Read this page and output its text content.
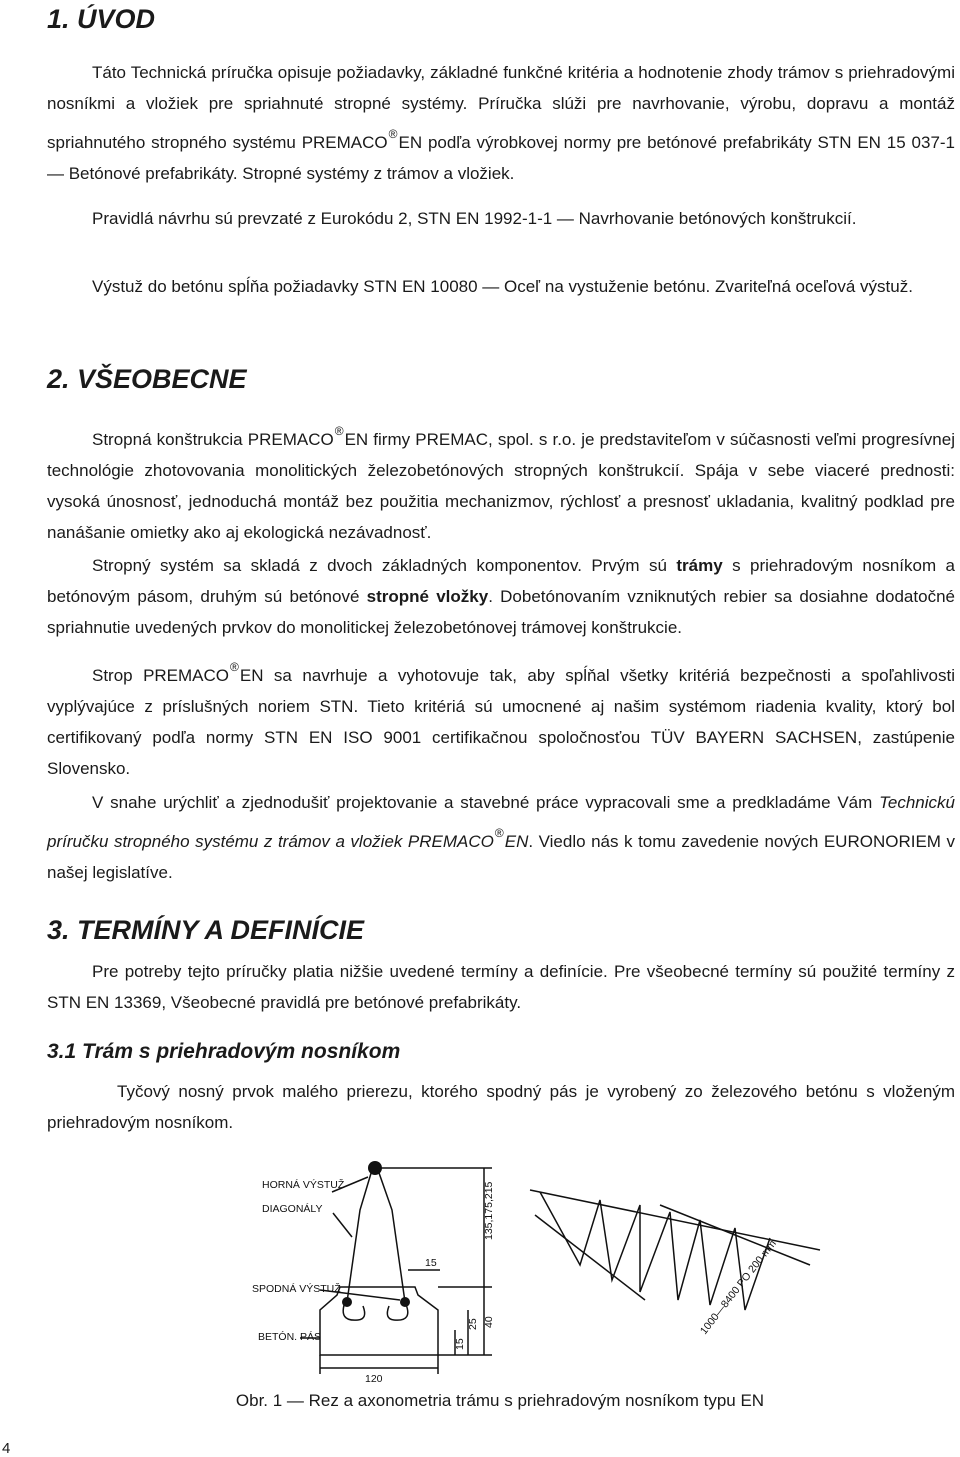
1. ÚVOD

Táto Technická príručka opisuje požiadavky, základné funkčné kritéria a hodnotenie zhody trámov s priehradovými nosníkmi a vložiek pre spriahnuté stropné systémy. Príručka slúži pre navrhovanie, výrobu, dopravu a montáž spriahnutého stropného systému PREMACO®EN podľa výrobkovej normy pre betónové prefabrikáty STN EN 15 037-1 — Betónové prefabrikáty. Stropné systémy z trámov a vložiek.

Pravidlá návrhu sú prevzaté z Eurokódu 2, STN EN 1992-1-1 — Navrhovanie betónových konštrukcií.

Výstuž do betónu spĺňa požiadavky STN EN 10080 — Oceľ na vystuženie betónu. Zvariteľná oceľová výstuž.

2. VŠEOBECNE

Stropná konštrukcia PREMACO®EN firmy PREMAC, spol. s r.o. je predstaviteľom v súčasnosti veľmi progresívnej technológie zhotovovania monolitických železobetónových stropných konštrukcií. Spája v sebe viaceré prednosti: vysoká únosnosť, jednoduchá montáž bez použitia mechanizmov, rýchlosť a presnosť ukladania, kvalitný podklad pre nanášanie omietky ako aj ekologická nezávadnosť.

Stropný systém sa skladá z dvoch základných komponentov. Prvým sú trámy s priehradovým nosníkom a betónovým pásom, druhým sú betónové stropné vložky. Dobetónovaním vzniknutých rebier sa dosiahne dodatočné spriahnutie uvedených prvkov do monolitickej železobetónovej trámovej konštrukcie.

Strop PREMACO®EN sa navrhuje a vyhotovuje tak, aby spĺňal všetky kritériá bezpečnosti a spoľahlivosti vyplývajúce z príslušných noriem STN. Tieto kritériá sú umocnené aj našim systémom riadenia kvality, ktorý bol certifikovaný podľa normy STN EN ISO 9001 certifikačnou spoločnosťou TÜV BAYERN SACHSEN, zastúpenie Slovensko.

V snahe urýchliť a zjednodušiť projektovanie a stavebné práce vypracovali sme a predkladáme Vám Technickú príručku stropného systému z trámov a vložiek PREMACO®EN. Viedlo nás k tomu zavedenie nových EURONORIEM v našej legislatíve.

3. TERMÍNY A DEFINÍCIE

Pre potreby tejto príručky platia nižšie uvedené termíny a definície. Pre všeobecné termíny sú použité termíny z STN EN 13369, Všeobecné pravidlá pre betónové prefabrikáty.

3.1 Trám s priehradovým nosníkom

Tyčový nosný prvok malého prierezu, ktorého spodný pás je vyrobený zo železového betónu s vloženým priehradovým nosníkom.

HORNÁ VÝSTUŽ
DIAGONÁLY
SPODNÁ VÝSTUŽ
BETÓN. PÁS
15
120
135,175,215
15
25 40	1000—8400 PO 200 mm
Obr. 1 — Rez a axonometria trámu s priehradovým nosníkom typu EN
4
